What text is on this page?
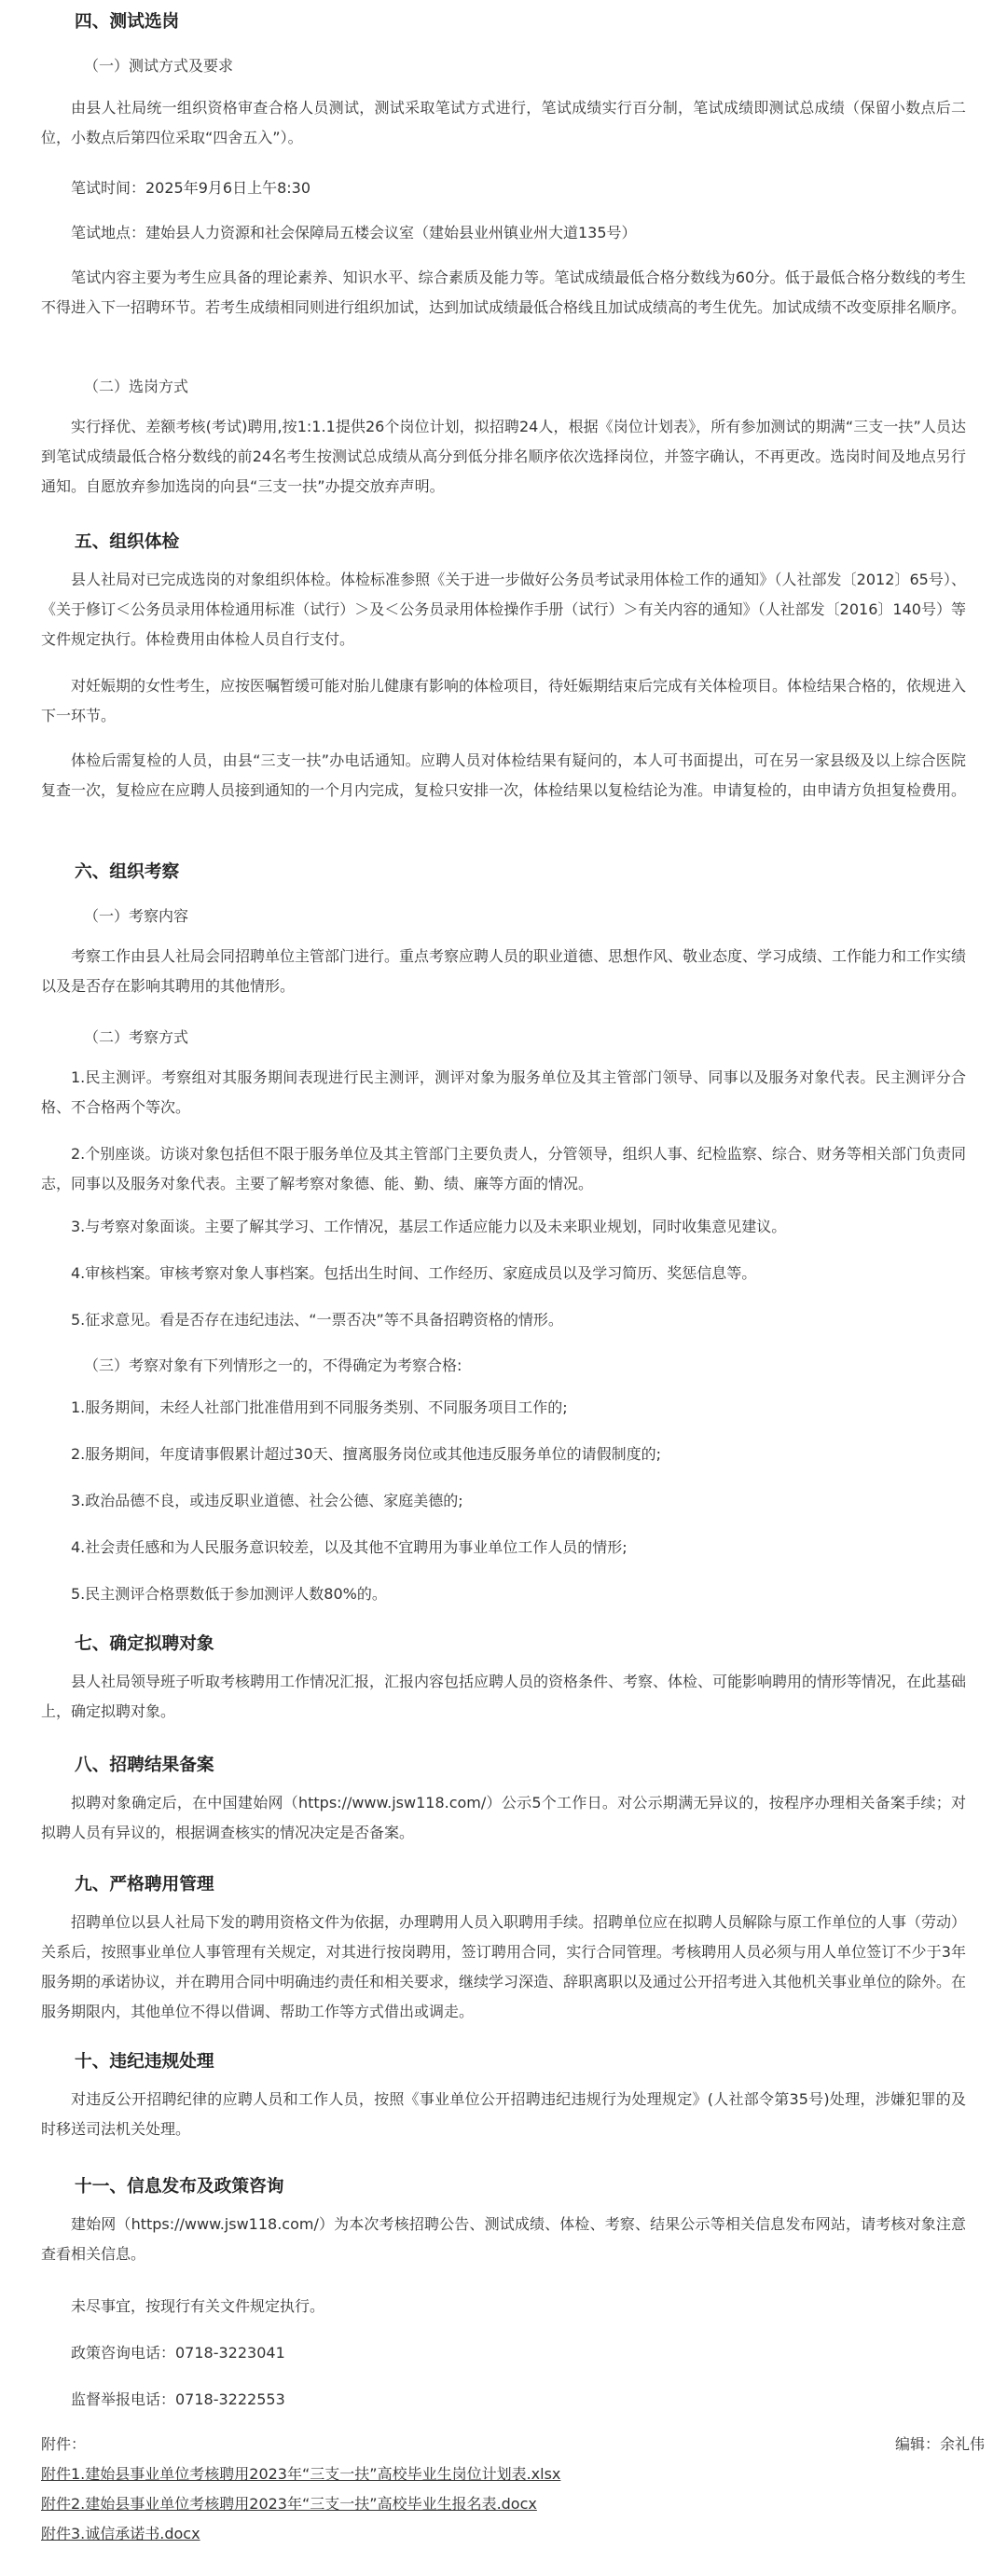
四、测试选岗

（一）测试方式及要求

由县人社局统一组织资格审查合格人员测试，测试采取笔试方式进行，笔试成绩实行百分制，笔试成绩即测试总成绩（保留小数点后二位，小数点后第四位采取“四舍五入”）。

笔试时间：2025年9月6日上午8:30

笔试地点：建始县人力资源和社会保障局五楼会议室（建始县业州镇业州大道135号）

笔试内容主要为考生应具备的理论素养、知识水平、综合素质及能力等。笔试成绩最低合格分数线为60分。低于最低合格分数线的考生不得进入下一招聘环节。若考生成绩相同则进行组织加试，达到加试成绩最低合格线且加试成绩高的考生优先。加试成绩不改变原排名顺序。

（二）选岗方式

实行择优、差额考核(考试)聘用,按1:1.1提供26个岗位计划，拟招聘24人，根据《岗位计划表》，所有参加测试的期满“三支一扶”人员达到笔试成绩最低合格分数线的前24名考生按测试总成绩从高分到低分排名顺序依次选择岗位，并签字确认，不再更改。选岗时间及地点另行通知。自愿放弃参加选岗的向县“三支一扶”办提交放弃声明。

五、组织体检

县人社局对已完成选岗的对象组织体检。体检标准参照《关于进一步做好公务员考试录用体检工作的通知》（人社部发〔2012〕65号）、《关于修订＜公务员录用体检通用标准（试行）＞及＜公务员录用体检操作手册（试行）＞有关内容的通知》（人社部发〔2016〕140号）等文件规定执行。体检费用由体检人员自行支付。

对妊娠期的女性考生，应按医嘱暂缓可能对胎儿健康有影响的体检项目，待妊娠期结束后完成有关体检项目。体检结果合格的，依规进入下一环节。

体检后需复检的人员，由县“三支一扶”办电话通知。应聘人员对体检结果有疑问的，本人可书面提出，可在另一家县级及以上综合医院复查一次，复检应在应聘人员接到通知的一个月内完成，复检只安排一次，体检结果以复检结论为准。申请复检的，由申请方负担复检费用。

六、组织考察

（一）考察内容

考察工作由县人社局会同招聘单位主管部门进行。重点考察应聘人员的职业道德、思想作风、敬业态度、学习成绩、工作能力和工作实绩以及是否存在影响其聘用的其他情形。

（二）考察方式

1.民主测评。考察组对其服务期间表现进行民主测评，测评对象为服务单位及其主管部门领导、同事以及服务对象代表。民主测评分合格、不合格两个等次。

2.个别座谈。访谈对象包括但不限于服务单位及其主管部门主要负责人，分管领导，组织人事、纪检监察、综合、财务等相关部门负责同志，同事以及服务对象代表。主要了解考察对象德、能、勤、绩、廉等方面的情况。

3.与考察对象面谈。主要了解其学习、工作情况，基层工作适应能力以及未来职业规划，同时收集意见建议。

4.审核档案。审核考察对象人事档案。包括出生时间、工作经历、家庭成员以及学习简历、奖惩信息等。

5.征求意见。看是否存在违纪违法、“一票否决”等不具备招聘资格的情形。

（三）考察对象有下列情形之一的，不得确定为考察合格:

1.服务期间，未经人社部门批准借用到不同服务类别、不同服务项目工作的;

2.服务期间，年度请事假累计超过30天、擅离服务岗位或其他违反服务单位的请假制度的;

3.政治品德不良，或违反职业道德、社会公德、家庭美德的;

4.社会责任感和为人民服务意识较差，以及其他不宜聘用为事业单位工作人员的情形;

5.民主测评合格票数低于参加测评人数80%的。

七、确定拟聘对象

县人社局领导班子听取考核聘用工作情况汇报，汇报内容包括应聘人员的资格条件、考察、体检、可能影响聘用的情形等情况，在此基础上，确定拟聘对象。

八、招聘结果备案

拟聘对象确定后，在中国建始网（https://www.jsw118.com/）公示5个工作日。对公示期满无异议的，按程序办理相关备案手续；对拟聘人员有异议的，根据调查核实的情况决定是否备案。

九、严格聘用管理

招聘单位以县人社局下发的聘用资格文件为依据，办理聘用人员入职聘用手续。招聘单位应在拟聘人员解除与原工作单位的人事（劳动）关系后，按照事业单位人事管理有关规定，对其进行按岗聘用，签订聘用合同，实行合同管理。考核聘用人员必须与用人单位签订不少于3年服务期的承诺协议，并在聘用合同中明确违约责任和相关要求，继续学习深造、辞职离职以及通过公开招考进入其他机关事业单位的除外。在服务期限内，其他单位不得以借调、帮助工作等方式借出或调走。

十、违纪违规处理

对违反公开招聘纪律的应聘人员和工作人员，按照《事业单位公开招聘违纪违规行为处理规定》(人社部令第35号)处理，涉嫌犯罪的及时移送司法机关处理。

十一、信息发布及政策咨询

建始网（https://www.jsw118.com/）为本次考核招聘公告、测试成绩、体检、考察、结果公示等相关信息发布网站，请考核对象注意查看相关信息。

未尽事宜，按现行有关文件规定执行。

政策咨询电话：0718-3223041

监督举报电话：0718-3222553

附件：	编辑：余礼伟
附件1.建始县事业单位考核聘用2023年“三支一扶”高校毕业生岗位计划表.xlsx
附件2.建始县事业单位考核聘用2023年“三支一扶”高校毕业生报名表.docx
附件3.诚信承诺书.docx
